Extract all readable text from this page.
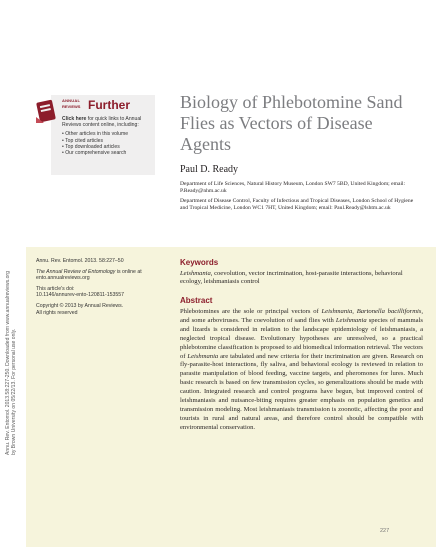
Annu. Rev. Entomol. 2013.58:227-250. Downloaded from www.annualreviews.org by Brown University on 05/22/13. For personal use only.
ANNUAL Further
REVIEWS
Click here for quick links to Annual Reviews content online, including:
• Other articles in this volume
• Top cited articles
• Top downloaded articles
• Our comprehensive search
Biology of Phlebotomine Sand Flies as Vectors of Disease Agents
Paul D. Ready

Department of Life Sciences, Natural History Museum, London SW7 5BD, United Kingdom; email: P.Ready@nhm.ac.uk

Department of Disease Control, Faculty of Infectious and Tropical Diseases, London School of Hygiene and Tropical Medicine, London WC1 7HT, United Kingdom; email: Paul.Ready@lshtm.ac.uk

Annu. Rev. Entomol. 2013. 58:227–50

The Annual Review of Entomology is online at ento.annualreviews.org

This article's doi:
10.1146/annurev-ento-120811-153557

Copyright © 2013 by Annual Reviews.
All rights reserved

Keywords
Leishmania, coevolution, vector incrimination, host-parasite interactions, behavioral ecology, leishmaniasis control
Abstract
Phlebotomines are the sole or principal vectors of Leishmania, Bartonella bacilliformis, and some arboviruses. The coevolution of sand flies with Leishmania species of mammals and lizards is considered in relation to the landscape epidemiology of leishmaniasis, a neglected tropical disease. Evolutionary hypotheses are unresolved, so a practical phlebotomine classification is proposed to aid biomedical information retrieval. The vectors of Leishmania are tabulated and new criteria for their incrimination are given. Research on fly-parasite-host interactions, fly saliva, and behavioral ecology is reviewed in relation to parasite manipulation of blood feeding, vaccine targets, and pheromones for lures. Much basic research is based on few transmission cycles, so generalizations should be made with caution. Integrated research and control programs have begun, but improved control of leishmaniasis and nuisance-biting requires greater emphasis on population genetics and transmission modeling. Most leishmaniasis transmission is zoonotic, affecting the poor and tourists in rural and natural areas, and therefore control should be compatible with environmental conservation.
227
